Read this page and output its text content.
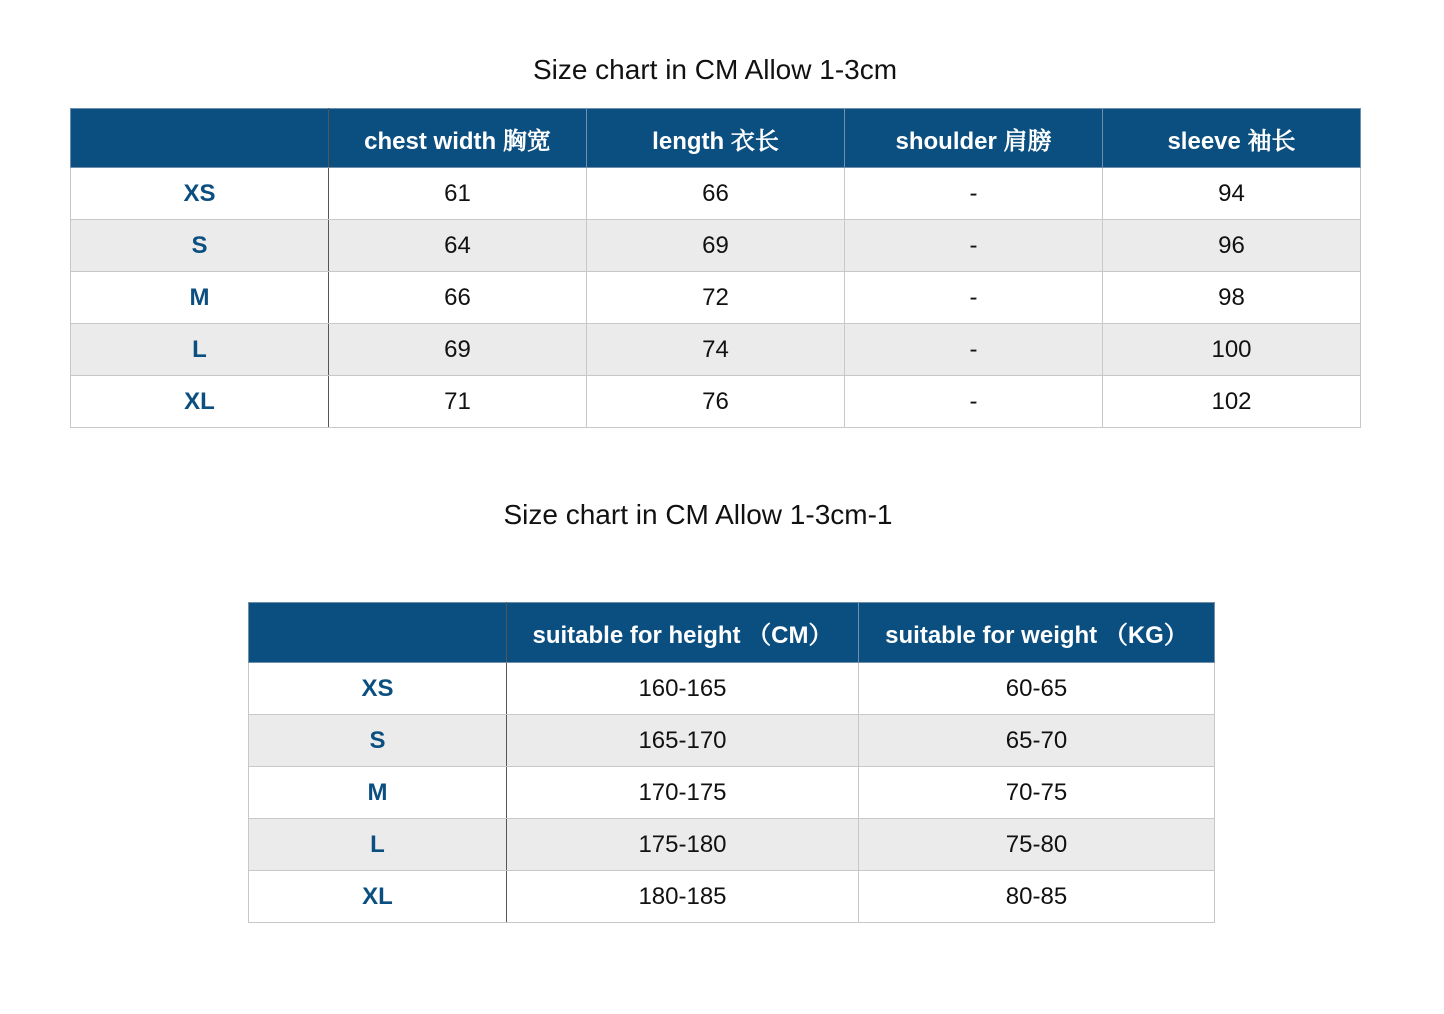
Size chart in CM Allow 1-3cm
	chest width 胸宽	length 衣长	shoulder 肩膀	sleeve 袖长
XS	61	66	-	94
S	64	69	-	96
M	66	72	-	98
L	69	74	-	100
XL	71	76	-	102
Size chart in CM Allow 1-3cm-1
	suitable for height （CM）	suitable for weight （KG）
XS	160-165	60-65
S	165-170	65-70
M	170-175	70-75
L	175-180	75-80
XL	180-185	80-85
